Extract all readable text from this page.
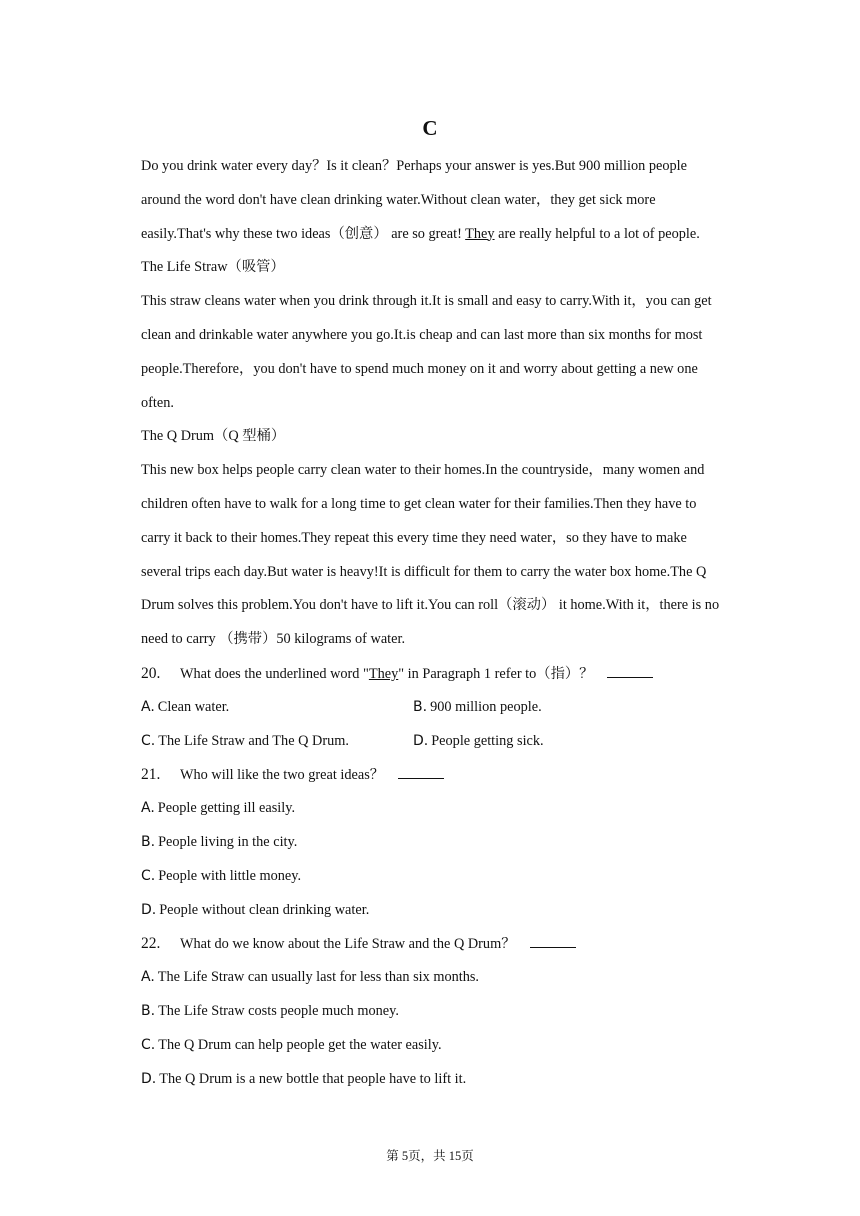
C
Do you drink water every day？Is it clean？Perhaps your answer is yes.But 900 million people
around the word don't have clean drinking water.Without clean water，they get sick more
easily.That's why these two ideas（创意） are so great! They are really helpful to a lot of people.
The Life Straw（吸管）
This straw cleans water when you drink through it.It is small and easy to carry.With it，you can get
clean and drinkable water anywhere you go.It.is cheap and can last more than six months for most
people.Therefore，you don't have to spend much money on it and worry about getting a new one
often.
The Q Drum（Q 型桶）
This new box helps people carry clean water to their homes.In the countryside，many women and
children often have to walk for a long time to get clean water for their families.Then they have to
carry it back to their homes.They repeat this every time they need water，so they have to make
several trips each day.But water is heavy!It is difficult for them to carry the water box home.The Q
Drum solves this problem.You don't have to lift it.You can roll（滚动） it home.With it，there is no
need to carry （携带）50 kilograms of water.
20. What does the underlined word "They" in Paragraph 1 refer to（指）？
A. Clean water.	B. 900 million people.
C. The Life Straw and The Q Drum.	D. People getting sick.
21. Who will like the two great ideas？
A. People getting ill easily.
B. People living in the city.
C. People with little money.
D. People without clean drinking water.
22. What do we know about the Life Straw and the Q Drum？
A. The Life Straw can usually last for less than six months.
B. The Life Straw costs people much money.
C. The Q Drum can help people get the water easily.
D. The Q Drum is a new bottle that people have to lift it.
第 5页，共 15页
